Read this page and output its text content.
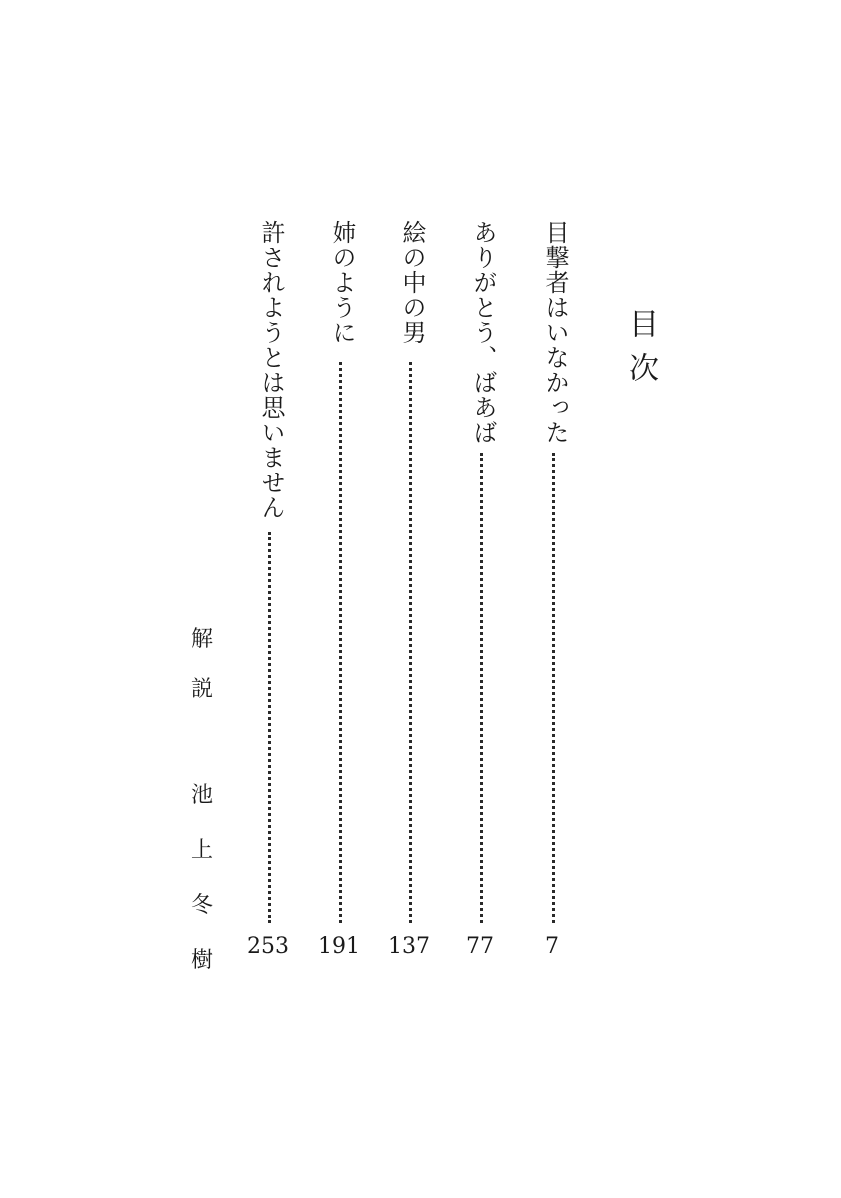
目次
目撃者はいなかった
7
ありがとう、ばあば
77
絵の中の男
137
姉のように
191
許されようとは思いません
253
解
説
池
上
冬
樹
